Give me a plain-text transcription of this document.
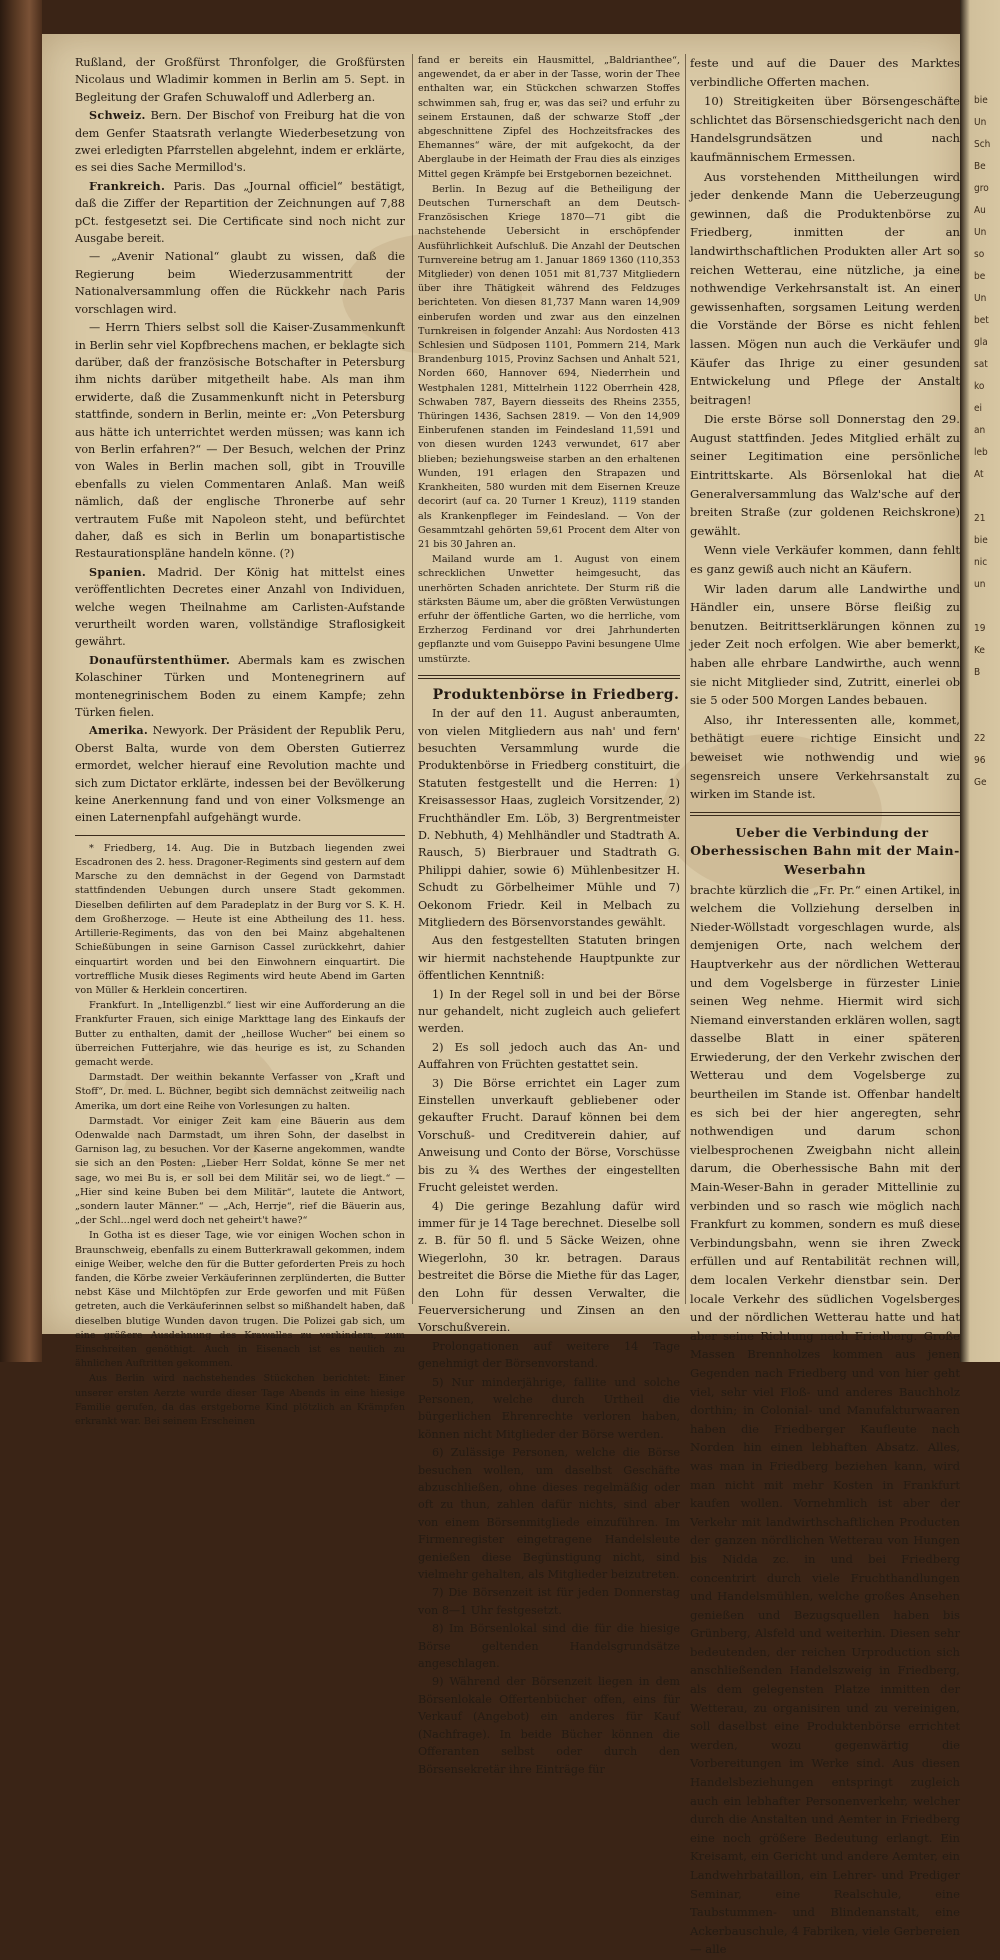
Rußland, der Großfürst Thronfolger, die Großfürsten Nicolaus und Wladimir kommen in Berlin am 5. Sept. in Begleitung der Grafen Schuwaloff und Adlerberg an.

Schweiz. Bern. Der Bischof von Freiburg hat die von dem Genfer Staatsrath verlangte Wiederbesetzung von zwei erledigten Pfarrstellen abgelehnt, indem er erklärte, es sei dies Sache Mermillod's.

Frankreich. Paris. Das „Journal officiel“ bestätigt, daß die Ziffer der Repartition der Zeichnungen auf 7,88 pCt. festgesetzt sei. Die Certificate sind noch nicht zur Ausgabe bereit.

— „Avenir National“ glaubt zu wissen, daß die Regierung beim Wiederzusammentritt der Nationalversammlung offen die Rückkehr nach Paris vorschlagen wird.

— Herrn Thiers selbst soll die Kaiser-Zusammenkunft in Berlin sehr viel Kopfbrechens machen, er beklagte sich darüber, daß der französische Botschafter in Petersburg ihm nichts darüber mitgetheilt habe. Als man ihm erwiderte, daß die Zusammenkunft nicht in Petersburg stattfinde, sondern in Berlin, meinte er: „Von Petersburg aus hätte ich unterrichtet werden müssen; was kann ich von Berlin erfahren?“ — Der Besuch, welchen der Prinz von Wales in Berlin machen soll, gibt in Trouville ebenfalls zu vielen Commentaren Anlaß. Man weiß nämlich, daß der englische Thronerbe auf sehr vertrautem Fuße mit Napoleon steht, und befürchtet daher, daß es sich in Berlin um bonapartistische Restaurationspläne handeln könne. (?)

Spanien. Madrid. Der König hat mittelst eines veröffentlichten Decretes einer Anzahl von Individuen, welche wegen Theilnahme am Carlisten-Aufstande verurtheilt worden waren, vollständige Straflosigkeit gewährt.

Donaufürstenthümer. Abermals kam es zwischen Kolaschiner Türken und Montenegrinern auf montenegrinischem Boden zu einem Kampfe; zehn Türken fielen.

Amerika. Newyork. Der Präsident der Republik Peru, Oberst Balta, wurde von dem Obersten Gutierrez ermordet, welcher hierauf eine Revolution machte und sich zum Dictator erklärte, indessen bei der Bevölkerung keine Anerkennung fand und von einer Volksmenge an einen Laternenpfahl aufgehängt wurde.

* Friedberg, 14. Aug. Die in Butzbach liegenden zwei Escadronen des 2. hess. Dragoner-Regiments sind gestern auf dem Marsche zu den demnächst in der Gegend von Darmstadt stattfindenden Uebungen durch unsere Stadt gekommen. Dieselben defilirten auf dem Paradeplatz in der Burg vor S. K. H. dem Großherzoge. — Heute ist eine Abtheilung des 11. hess. Artillerie-Regiments, das von den bei Mainz abgehaltenen Schießübungen in seine Garnison Cassel zurückkehrt, dahier einquartirt worden und bei den Einwohnern einquartirt. Die vortreffliche Musik dieses Regiments wird heute Abend im Garten von Müller & Herklein concertiren.

Frankfurt. In „Intelligenzbl.“ liest wir eine Aufforderung an die Frankfurter Frauen, sich einige Markttage lang des Einkaufs der Butter zu enthalten, damit der „heillose Wucher“ bei einem so überreichen Futterjahre, wie das heurige es ist, zu Schanden gemacht werde.

Darmstadt. Der weithin bekannte Verfasser von „Kraft und Stoff“, Dr. med. L. Büchner, begibt sich demnächst zeitweilig nach Amerika, um dort eine Reihe von Vorlesungen zu halten.

Darmstadt. Vor einiger Zeit kam eine Bäuerin aus dem Odenwalde nach Darmstadt, um ihren Sohn, der daselbst in Garnison lag, zu besuchen. Vor der Kaserne angekommen, wandte sie sich an den Posten: „Lieber Herr Soldat, könne Se mer net sage, wo mei Bu is, er soll bei dem Militär sei, wo de liegt.“ — „Hier sind keine Buben bei dem Militär“, lautete die Antwort, „sondern lauter Männer.“ — „Ach, Herrje“, rief die Bäuerin aus, „der Schl...ngel werd doch net geheirt't hawe?“

In Gotha ist es dieser Tage, wie vor einigen Wochen schon in Braunschweig, ebenfalls zu einem Butterkrawall gekommen, indem einige Weiber, welche den für die Butter geforderten Preis zu hoch fanden, die Körbe zweier Verkäuferinnen zerplünderten, die Butter nebst Käse und Milchtöpfen zur Erde geworfen und mit Füßen getreten, auch die Verkäuferinnen selbst so mißhandelt haben, daß dieselben blutige Wunden davon trugen. Die Polizei gab sich, um eine größere Ausdehnung des Krawalles zu verhindern, zum Einschreiten genöthigt. Auch in Eisenach ist es neulich zu ähnlichen Auftritten gekommen.

Aus Berlin wird nachstehendes Stückchen berichtet: Einer unserer ersten Aerzte wurde dieser Tage Abends in eine hiesige Familie gerufen, da das erstgeborne Kind plötzlich an Krämpfen erkrankt war. Bei seinem Erscheinen

fand er bereits ein Hausmittel, „Baldrianthee“, angewendet, da er aber in der Tasse, worin der Thee enthalten war, ein Stückchen schwarzen Stoffes schwimmen sah, frug er, was das sei? und erfuhr zu seinem Erstaunen, daß der schwarze Stoff „der abgeschnittene Zipfel des Hochzeitsfrackes des Ehemannes“ wäre, der mit aufgekocht, da der Aberglaube in der Heimath der Frau dies als einziges Mittel gegen Krämpfe bei Erstgebornen bezeichnet.

Berlin. In Bezug auf die Betheiligung der Deutschen Turnerschaft an dem Deutsch-Französischen Kriege 1870—71 gibt die nachstehende Uebersicht in erschöpfender Ausführlichkeit Aufschluß. Die Anzahl der Deutschen Turnvereine betrug am 1. Januar 1869 1360 (110,353 Mitglieder) von denen 1051 mit 81,737 Mitgliedern über ihre Thätigkeit während des Feldzuges berichteten. Von diesen 81,737 Mann waren 14,909 einberufen worden und zwar aus den einzelnen Turnkreisen in folgender Anzahl: Aus Nordosten 413 Schlesien und Südposen 1101, Pommern 214, Mark Brandenburg 1015, Provinz Sachsen und Anhalt 521, Norden 660, Hannover 694, Niederrhein und Westphalen 1281, Mittelrhein 1122 Oberrhein 428, Schwaben 787, Bayern diesseits des Rheins 2355, Thüringen 1436, Sachsen 2819. — Von den 14,909 Einberufenen standen im Feindesland 11,591 und von diesen wurden 1243 verwundet, 617 aber blieben; beziehungsweise starben an den erhaltenen Wunden, 191 erlagen den Strapazen und Krankheiten, 580 wurden mit dem Eisernen Kreuze decorirt (auf ca. 20 Turner 1 Kreuz), 1119 standen als Krankenpfleger im Feindesland. — Von der Gesammtzahl gehörten 59,61 Procent dem Alter von 21 bis 30 Jahren an.

Mailand wurde am 1. August von einem schrecklichen Unwetter heimgesucht, das unerhörten Schaden anrichtete. Der Sturm riß die stärksten Bäume um, aber die größten Verwüstungen erfuhr der öffentliche Garten, wo die herrliche, vom Erzherzog Ferdinand vor drei Jahrhunderten gepflanzte und vom Guiseppo Pavini besungene Ulme umstürzte.

Produktenbörse in Friedberg.

In der auf den 11. August anberaumten, von vielen Mitgliedern aus nah' und fern' besuchten Versammlung wurde die Produktenbörse in Friedberg constituirt, die Statuten festgestellt und die Herren: 1) Kreisassessor Haas, zugleich Vorsitzender, 2) Fruchthändler Em. Löb, 3) Bergrentmeister D. Nebhuth, 4) Mehlhändler und Stadtrath A. Rausch, 5) Bierbrauer und Stadtrath G. Philippi dahier, sowie 6) Mühlenbesitzer H. Schudt zu Görbelheimer Mühle und 7) Oekonom Friedr. Keil in Melbach zu Mitgliedern des Börsenvorstandes gewählt.

Aus den festgestellten Statuten bringen wir hiermit nachstehende Hauptpunkte zur öffentlichen Kenntniß:

1) In der Regel soll in und bei der Börse nur gehandelt, nicht zugleich auch geliefert werden.

2) Es soll jedoch auch das An- und Auffahren von Früchten gestattet sein.

3) Die Börse errichtet ein Lager zum Einstellen unverkauft gebliebener oder gekaufter Frucht. Darauf können bei dem Vorschuß- und Creditverein dahier, auf Anweisung und Conto der Börse, Vorschüsse bis zu ¾ des Werthes der eingestellten Frucht geleistet werden.

4) Die geringe Bezahlung dafür wird immer für je 14 Tage berechnet. Dieselbe soll z. B. für 50 fl. und 5 Säcke Weizen, ohne Wiegerlohn, 30 kr. betragen. Daraus bestreitet die Börse die Miethe für das Lager, den Lohn für dessen Verwalter, die Feuerversicherung und Zinsen an den Vorschußverein.

Prolongationen auf weitere 14 Tage genehmigt der Börsenvorstand.

5) Nur minderjährige, fallite und solche Personen, welche durch Urtheil die bürgerlichen Ehrenrechte verloren haben, können nicht Mitglieder der Börse werden.

6) Zulässige Personen, welche die Börse besuchen wollen, um daselbst Geschäfte abzuschließen, ohne dieses regelmäßig oder oft zu thun, zahlen dafür nichts, sind aber von einem Börsenmitgliede einzuführen. Im Firmenregister eingetragene Handelsleute genießen diese Begünstigung nicht, sind vielmehr gehalten, als Mitglieder beizutreten.

7) Die Börsenzeit ist für jeden Donnerstag von 8—1 Uhr festgesetzt.

8) Im Börsenlokal sind die für die hiesige Börse geltenden Handelsgrundsätze angeschlagen.

9) Während der Börsenzeit liegen in dem Börsenlokale Offertenbücher offen, eins für Verkauf (Angebot) ein anderes für Kauf (Nachfrage). In beide Bücher können die Offeranten selbst oder durch den Börsensekretär ihre Einträge für

feste und auf die Dauer des Marktes verbindliche Offerten machen.

10) Streitigkeiten über Börsengeschäfte schlichtet das Börsenschiedsgericht nach den Handelsgrundsätzen und nach kaufmännischem Ermessen.

Aus vorstehenden Mittheilungen wird jeder denkende Mann die Ueberzeugung gewinnen, daß die Produktenbörse zu Friedberg, inmitten der an landwirthschaftlichen Produkten aller Art so reichen Wetterau, eine nützliche, ja eine nothwendige Verkehrsanstalt ist. An einer gewissenhaften, sorgsamen Leitung werden die Vorstände der Börse es nicht fehlen lassen. Mögen nun auch die Verkäufer und Käufer das Ihrige zu einer gesunden Entwickelung und Pflege der Anstalt beitragen!

Die erste Börse soll Donnerstag den 29. August stattfinden. Jedes Mitglied erhält zu seiner Legitimation eine persönliche Eintrittskarte. Als Börsenlokal hat die Generalversammlung das Walz'sche auf der breiten Straße (zur goldenen Reichskrone) gewählt.

Wenn viele Verkäufer kommen, dann fehlt es ganz gewiß auch nicht an Käufern.

Wir laden darum alle Landwirthe und Händler ein, unsere Börse fleißig zu benutzen. Beitrittserklärungen können zu jeder Zeit noch erfolgen. Wie aber bemerkt, haben alle ehrbare Landwirthe, auch wenn sie nicht Mitglieder sind, Zutritt, einerlei ob sie 5 oder 500 Morgen Landes bebauen.

Also, ihr Interessenten alle, kommet, bethätigt euere richtige Einsicht und beweiset wie nothwendig und wie segensreich unsere Verkehrsanstalt zu wirken im Stande ist.

Ueber die Verbindung der Oberhessischen Bahn mit der Main-Weserbahn

brachte kürzlich die „Fr. Pr.“ einen Artikel, in welchem die Vollziehung derselben in Nieder-Wöllstadt vorgeschlagen wurde, als demjenigen Orte, nach welchem der Hauptverkehr aus der nördlichen Wetterau und dem Vogelsberge in fürzester Linie seinen Weg nehme. Hiermit wird sich Niemand einverstanden erklären wollen, sagt dasselbe Blatt in einer späteren Erwiederung, der den Verkehr zwischen der Wetterau und dem Vogelsberge zu beurtheilen im Stande ist. Offenbar handelt es sich bei der hier angeregten, sehr nothwendigen und darum schon vielbesprochenen Zweigbahn nicht allein darum, die Oberhessische Bahn mit der Main-Weser-Bahn in gerader Mittellinie zu verbinden und so rasch wie möglich nach Frankfurt zu kommen, sondern es muß diese Verbindungsbahn, wenn sie ihren Zweck erfüllen und auf Rentabilität rechnen will, dem localen Verkehr dienstbar sein. Der locale Verkehr des südlichen Vogelsberges und der nördlichen Wetterau hatte und hat aber seine Richtung nach Friedberg. Große Massen Brennholzes kommen aus jenen Gegenden nach Friedberg und von hier geht viel, sehr viel Floß- und anderes Bauchholz dorthin; in Colonial- und Manufakturwaaren haben die Friedberger Kaufleute nach Norden hin einen lebhaften Absatz. Alles, was man in Friedberg beziehen kann, wird man nicht mit mehr Kosten in Frankfurt kaufen wollen. Vornehmlich ist aber der Verkehr mit landwirthschaftlichen Producten der ganzen nördlichen Wetterau von Hungen bis Nidda zc. in und bei Friedberg concentrirt durch viele Fruchthandlungen und Handelsmühlen, welche großes Ansehen genießen und Bezugsquellen haben bis Grünberg, Alsfeld und weiterhin. Diesen sehr bedeutenden, der reichen Urproduction sich anschließenden Handelszweig in Friedberg, als dem gelegensten Platze inmitten der Wetterau, zu organisiren und zu vereinigen, soll daselbst eine Produktenbörse errichtet werden, wozu gegenwärtig die Vorbereitungen im Werke sind. Aus diesen Handelsbeziehungen entspringt zugleich auch ein lebhafter Personenverkehr, welcher durch die Anstalten und Aemter in Friedberg eine noch größere Bedeutung erlangt. Ein Kreisamt, ein Gericht und andere Aemter, ein Landwehrbataillon, ein Lehrer- und Prediger Seminar, eine Realschule, eine Taubstummen- und Blindenanstalt, eine Ackerbauschule, 4 Fabriken, viele Gerbereien — alle

bie
Un
Sch
Be
gro
Au
Un
so
be
Un
bet
gla
sat
ko
ei
an
leb
At

21
bie
nic
un

19
Ke
B

22
96
Ge
